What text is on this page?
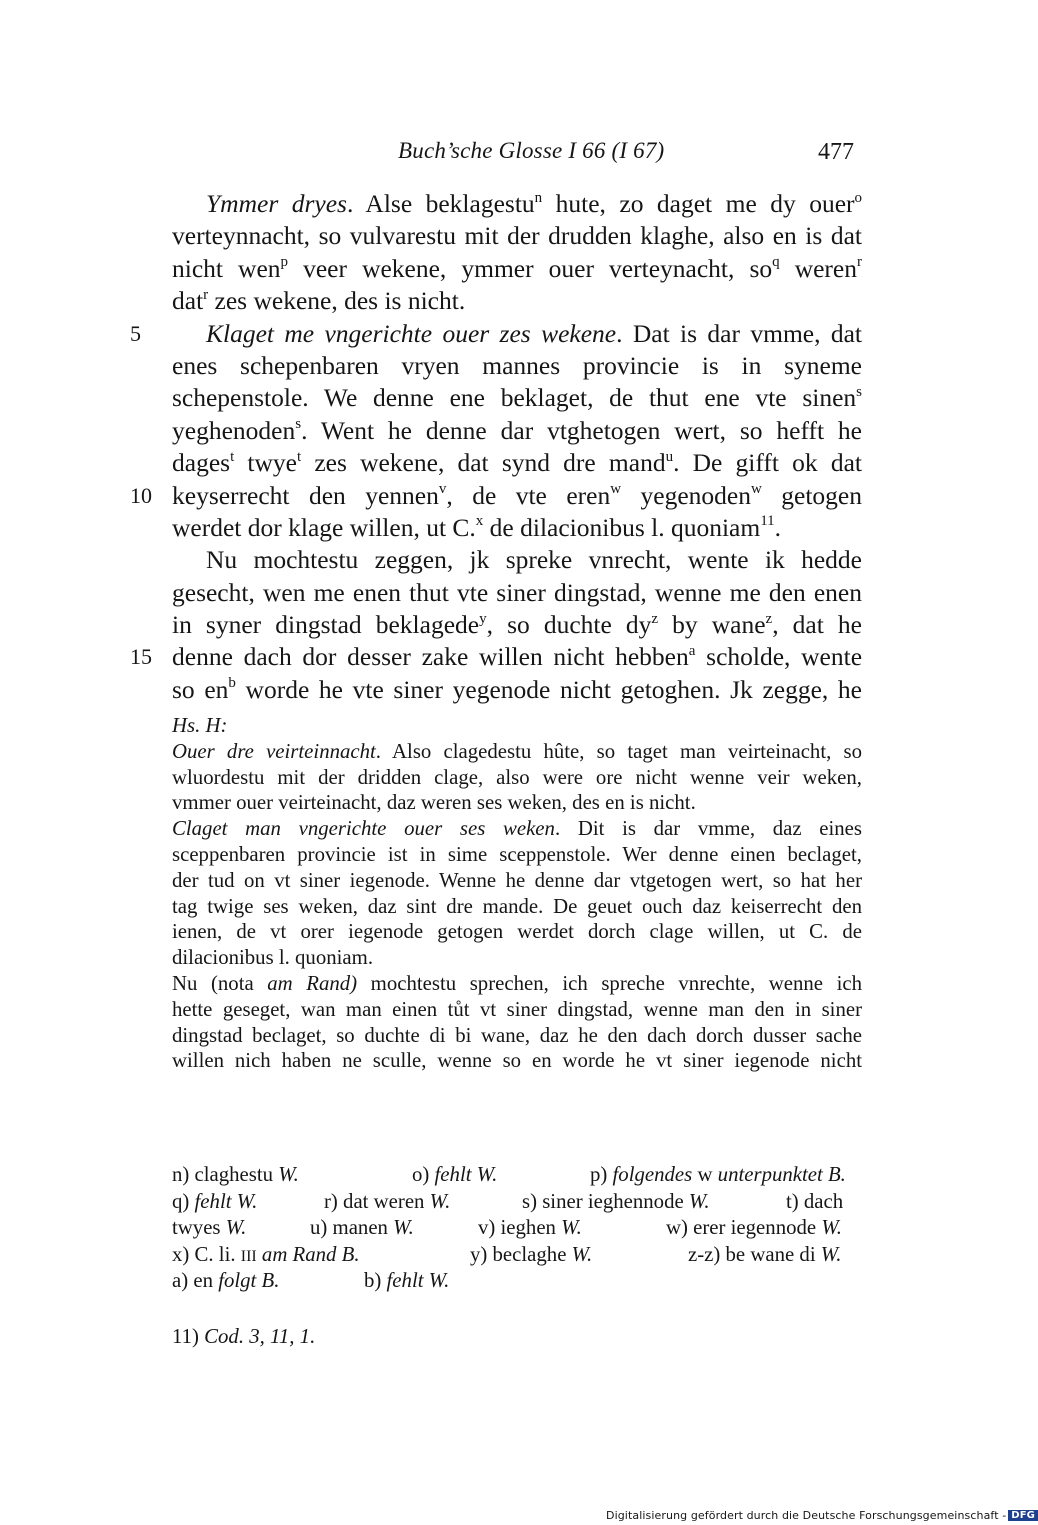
Buch’sche Glosse I 66 (I 67)	477
Ymmer dryes. Alse beklagestu$^n$ hute, zo daget me dy ouer$^o$
verteynnacht, so vulvarestu mit der drudden klaghe, also en is dat
nicht wen$^p$ veer wekene, ymmer ouer verteynacht, $so^q$ weren$^r$
dat$^r$ zes wekene, des is nicht.
5	Klaget me vngerichte ouer zes wekene. Dat is dar vmme, dat
enes schepenbaren vryen mannes provincie is in syneme
schepenstole. We denne ene beklaget, de thut ene vte sinen$^s$
yeghenoden$^s$. Went he denne dar vtghetogen wert, so hefft he
dages$^t$ twye$^t$ zes wekene, dat synd dre mand$^u$. De gifft ok dat
10 keyserrecht den yennen$^v$, de vte eren$^w$ yegenoden$^w$ getogen
werdet dor klage willen, ut C.$^x$ de dilacionibus l. quoniam$^{11}$.
Nu mochtestu zeggen, jk spreke vnrecht, wente ik hedde
gesecht, wen me enen thut vte siner dingstad, wenne me den enen
in syner dingstad beklagede$^y$, so duchte $dy^z$ by wane$^z$, dat he
15 denne dach dor desser zake willen nicht hebben$^a$ scholde, wente
so $en^b$ worde he vte siner yegenode nicht getoghen. Jk zegge, he
Hs. H:
Ouer dre veirteinnacht. Also clagedestu hûte, so taget man veirteinacht, so
wluordestu mit der dridden clage, also were ore nicht wenne veir weken,
vmmer ouer veirteinacht, daz weren ses weken, des en is nicht.
Claget man vngerichte ouer ses weken. Dit is dar vmme, daz eines
sceppenbaren provincie ist in sime sceppenstole. Wer denne einen beclaget,
der tud on vt siner iegenode. Wenne he denne dar vtgetogen wert, so hat her
tag twige ses weken, daz sint dre mande. De geuet ouch daz keiserrecht den
ienen, de vt orer iegenode getogen werdet dorch clage willen, ut C. de
dilacionibus l. quoniam.
Nu (nota am Rand) mochtestu sprechen, ich spreche vnrechte, wenne ich
hette geseget, wan man einen tůt vt siner dingstad, wenne man den in siner
dingstad beclaget, so duchte di bi wane, daz he den dach dorch dusser sache
willen nich haben ne sculle, wenne so en worde he vt siner iegenode nicht
n) claghestu W.	o) fehlt W.	p) folgendes w unterpunktet B.
q) fehlt W.	r) dat weren W.	s) siner ieghennode W.	t) dach
twyes W.	u) manen W.	v) ieghen W.	w) erer iegennode W.
x) C. li. III am Rand B.	y) beclaghe W.	z-z) be wane di W.
a) en folgt B.	b) fehlt W.
11) Cod. 3, 11, 1.
Digitalisierung gefördert durch die Deutsche Forschungsgemeinschaft - DFG
